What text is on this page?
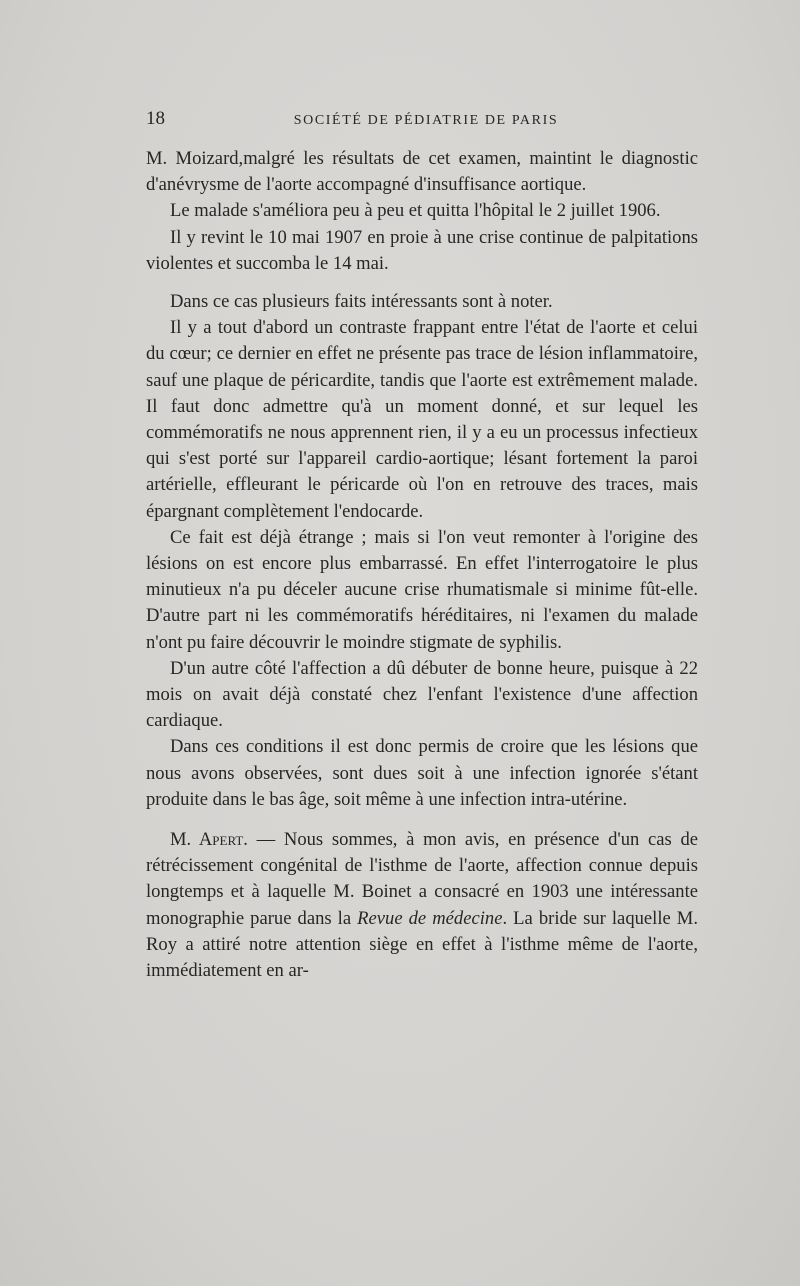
18	SOCIÉTÉ DE PÉDIATRIE DE PARIS

M. Moizard,malgré les résultats de cet examen, maintint le diagnostic d'anévrysme de l'aorte accompagné d'insuffisance aortique.

Le malade s'améliora peu à peu et quitta l'hôpital le 2 juillet 1906.

Il y revint le 10 mai 1907 en proie à une crise continue de palpitations violentes et succomba le 14 mai.

Dans ce cas plusieurs faits intéressants sont à noter.

Il y a tout d'abord un contraste frappant entre l'état de l'aorte et celui du cœur; ce dernier en effet ne présente pas trace de lésion inflammatoire, sauf une plaque de péricardite, tandis que l'aorte est extrêmement malade. Il faut donc admettre qu'à un moment donné, et sur lequel les commémoratifs ne nous apprennent rien, il y a eu un processus infectieux qui s'est porté sur l'appareil cardio-aortique; lésant fortement la paroi artérielle, effleurant le péricarde où l'on en retrouve des traces, mais épargnant complètement l'endocarde.

Ce fait est déjà étrange ; mais si l'on veut remonter à l'origine des lésions on est encore plus embarrassé. En effet l'interrogatoire le plus minutieux n'a pu déceler aucune crise rhumatismale si minime fût-elle. D'autre part ni les commémoratifs héréditaires, ni l'examen du malade n'ont pu faire découvrir le moindre stigmate de syphilis.

D'un autre côté l'affection a dû débuter de bonne heure, puisque à 22 mois on avait déjà constaté chez l'enfant l'existence d'une affection cardiaque.

Dans ces conditions il est donc permis de croire que les lésions que nous avons observées, sont dues soit à une infection ignorée s'étant produite dans le bas âge, soit même à une infection intra-utérine.

M. Apert. — Nous sommes, à mon avis, en présence d'un cas de rétrécissement congénital de l'isthme de l'aorte, affection connue depuis longtemps et à laquelle M. Boinet a consacré en 1903 une intéressante monographie parue dans la Revue de médecine. La bride sur laquelle M. Roy a attiré notre attention siège en effet à l'isthme même de l'aorte, immédiatement en ar-
